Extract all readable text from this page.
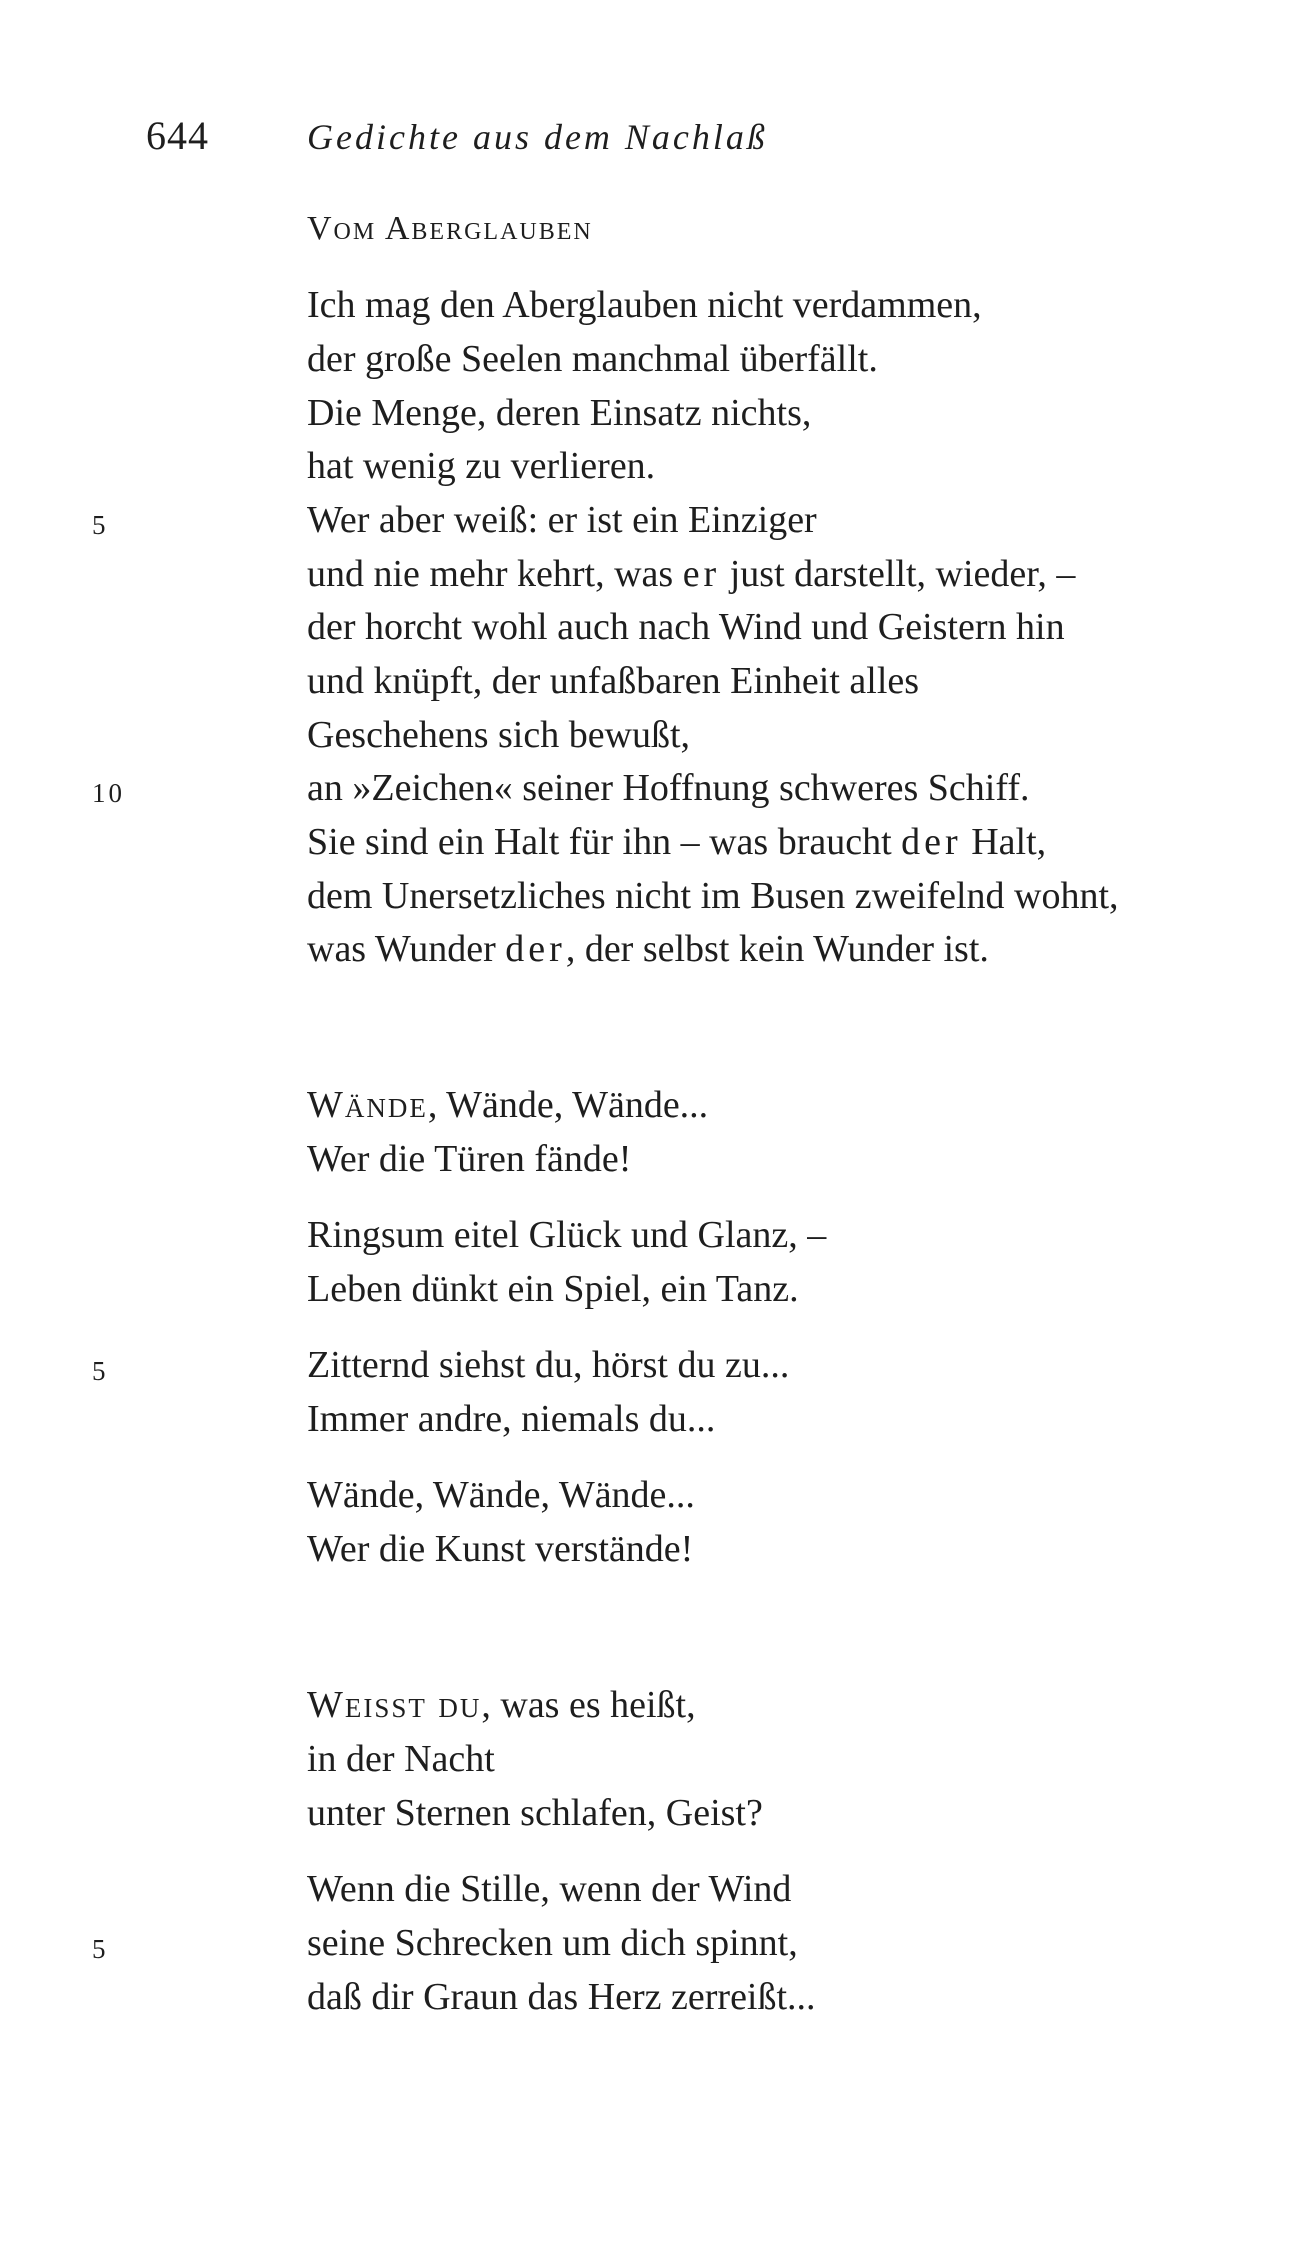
644	Gedichte aus dem Nachlaß
Vom Aberglauben
Ich mag den Aberglauben nicht verdammen,
der große Seelen manchmal überfällt.
Die Menge, deren Einsatz nichts,
hat wenig zu verlieren.
Wer aber weiß: er ist ein Einziger
und nie mehr kehrt, was er just darstellt, wieder, –
der horcht wohl auch nach Wind und Geistern hin
und knüpft, der unfaßbaren Einheit alles
Geschehens sich bewußt,
an »Zeichen« seiner Hoffnung schweres Schiff.
Sie sind ein Halt für ihn – was braucht der Halt,
dem Unersetzliches nicht im Busen zweifelnd wohnt,
was Wunder der, der selbst kein Wunder ist.
5
10
Wände, Wände, Wände...
Wer die Türen fände!
Ringsum eitel Glück und Glanz, –
Leben dünkt ein Spiel, ein Tanz.
Zitternd siehst du, hörst du zu...
Immer andre, niemals du...
Wände, Wände, Wände...
Wer die Kunst verstände!
5
Weisst du, was es heißt,
in der Nacht
unter Sternen schlafen, Geist?
Wenn die Stille, wenn der Wind
seine Schrecken um dich spinnt,
daß dir Graun das Herz zerreißt...
5
